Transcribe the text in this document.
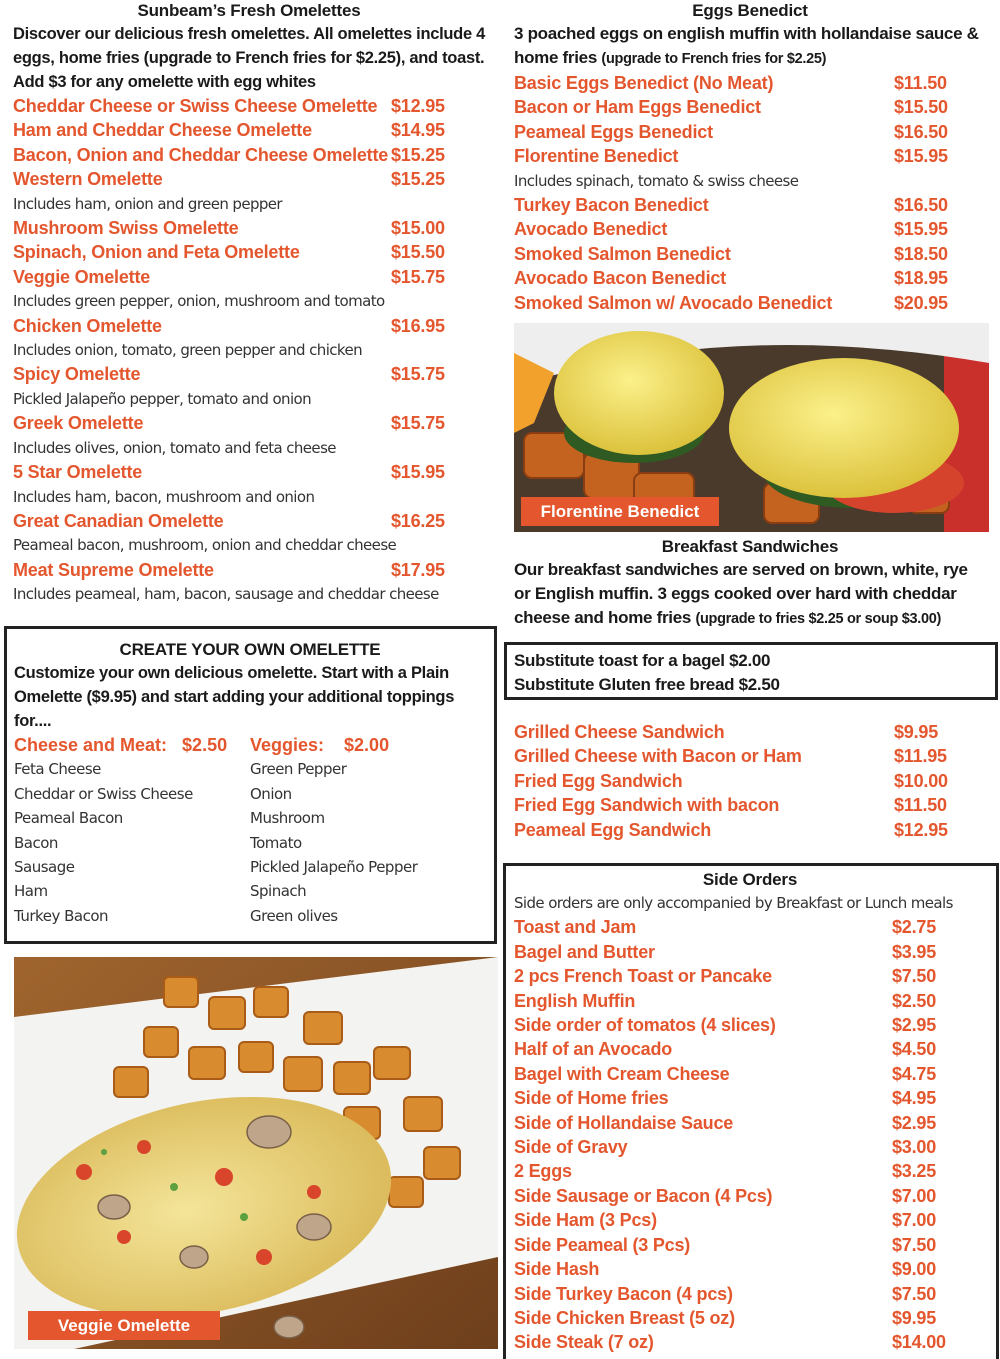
Sunbeam’s Fresh Omelettes
Discover our delicious fresh omelettes. All omelettes include 4 eggs, home fries (upgrade to French fries for $2.25), and toast. Add $3 for any omelette with egg whites
Cheddar Cheese or Swiss Cheese Omelette $12.95
Ham and Cheddar Cheese Omelette	$14.95
Bacon, Onion and Cheddar Cheese Omelette $15.25
Western Omelette	$15.25
Includes ham, onion and green pepper
Mushroom Swiss Omelette	$15.00
Spinach, Onion and Feta Omelette	$15.50
Veggie Omelette	$15.75
Includes green pepper, onion, mushroom and tomato
Chicken Omelette	$16.95
Includes onion, tomato, green pepper and chicken
Spicy Omelette	$15.75
Pickled Jalapeño pepper, tomato and onion
Greek Omelette	$15.75
Includes olives, onion, tomato and feta cheese
5 Star Omelette	$15.95
Includes ham, bacon, mushroom and onion
Great Canadian Omelette	$16.25
Peameal bacon, mushroom, onion and cheddar cheese
Meat Supreme Omelette	$17.95
Includes peameal, ham, bacon, sausage and cheddar cheese
CREATE YOUR OWN OMELETTE
Customize your own delicious omelette. Start with a Plain Omelette ($9.95) and start adding your additional toppings for....
Cheese and Meat:   $2.50
Feta Cheese
Cheddar or Swiss Cheese
Peameal Bacon
Bacon
Sausage
Ham
Turkey Bacon
Veggies:    $2.00
Green Pepper
Onion
Mushroom
Tomato
Pickled Jalapeño Pepper
Spinach
Green olives
Veggie Omelette
Eggs Benedict
3 poached eggs on english muffin with hollandaise sauce & home fries (upgrade to French fries for $2.25)
Basic Eggs Benedict (No Meat)	$11.50
Bacon or Ham Eggs Benedict	$15.50
Peameal Eggs Benedict	$16.50
Florentine Benedict	$15.95
Includes spinach, tomato & swiss cheese
Turkey Bacon Benedict	$16.50
Avocado Benedict	$15.95
Smoked Salmon Benedict	$18.50
Avocado Bacon Benedict	$18.95
Smoked Salmon w/ Avocado Benedict	$20.95
Florentine Benedict
Breakfast Sandwiches
Our breakfast sandwiches are served on brown, white, rye or English muffin. 3 eggs cooked over hard with cheddar cheese and home fries (upgrade to fries $2.25 or soup $3.00)
Substitute toast for a bagel $2.00
Substitute Gluten free bread $2.50
Grilled Cheese Sandwich	$9.95
Grilled Cheese with Bacon or Ham	$11.95
Fried Egg Sandwich	$10.00
Fried Egg Sandwich with bacon	$11.50
Peameal Egg Sandwich	$12.95
Side Orders
Side orders are only accompanied by Breakfast or Lunch meals
Toast and Jam	$2.75
Bagel and Butter	$3.95
2 pcs French Toast or Pancake	$7.50
English Muffin	$2.50
Side order of tomatos (4 slices)	$2.95
Half of an Avocado	$4.50
Bagel with Cream Cheese	$4.75
Side of Home fries	$4.95
Side of Hollandaise Sauce	$2.95
Side of Gravy	$3.00
2 Eggs	$3.25
Side Sausage or Bacon (4 Pcs)	$7.00
Side Ham (3 Pcs)	$7.00
Side Peameal (3 Pcs)	$7.50
Side Hash	$9.00
Side Turkey Bacon (4 pcs)	$7.50
Side Chicken Breast (5 oz)	$9.95
Side Steak (7 oz)	$14.00
